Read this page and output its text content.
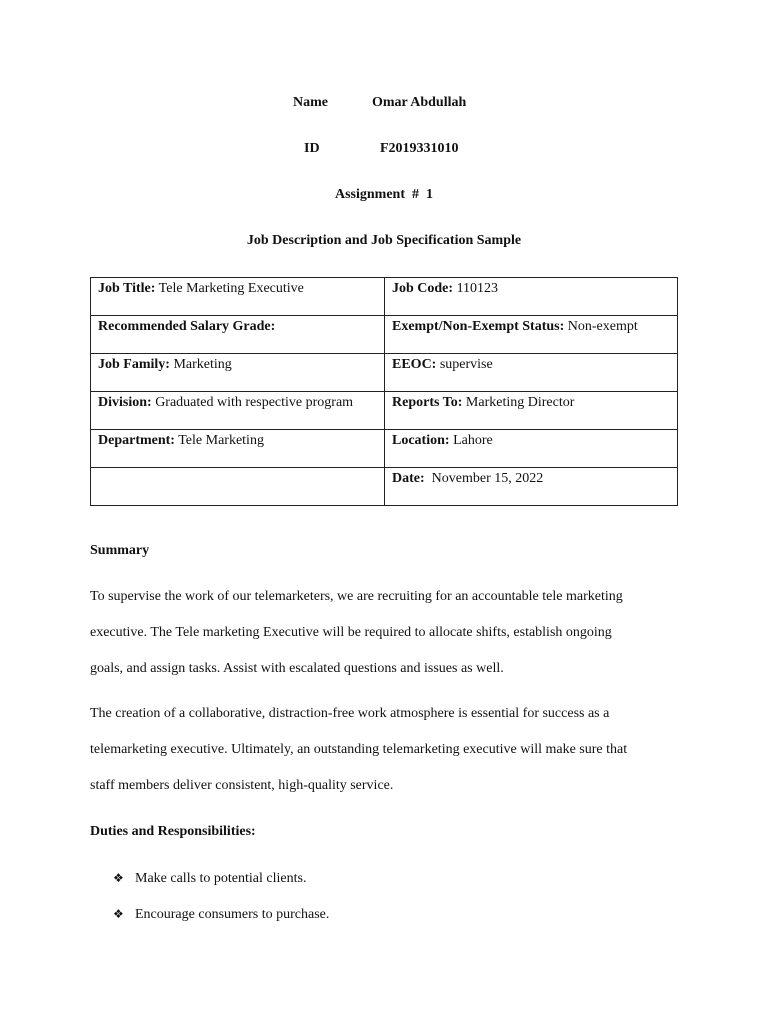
Name	Omar Abdullah
ID	F2019331010
Assignment  #  1
Job Description and Job Specification Sample
Job Title: Tele Marketing Executive	Job Code: 110123
Recommended Salary Grade:	Exempt/Non-Exempt Status: Non-exempt
Job Family: Marketing	EEOC: supervise
Division: Graduated with respective program	Reports To: Marketing Director
Department: Tele Marketing	Location: Lahore
	Date:  November 15, 2022
Summary

To supervise the work of our telemarketers, we are recruiting for an accountable tele marketing
executive. The Tele marketing Executive will be required to allocate shifts, establish ongoing
goals, and assign tasks. Assist with escalated questions and issues as well.

The creation of a collaborative, distraction-free work atmosphere is essential for success as a
telemarketing executive. Ultimately, an outstanding telemarketing executive will make sure that
staff members deliver consistent, high-quality service.

Duties and Responsibilities:
❖ Make calls to potential clients.
❖ Encourage consumers to purchase.
